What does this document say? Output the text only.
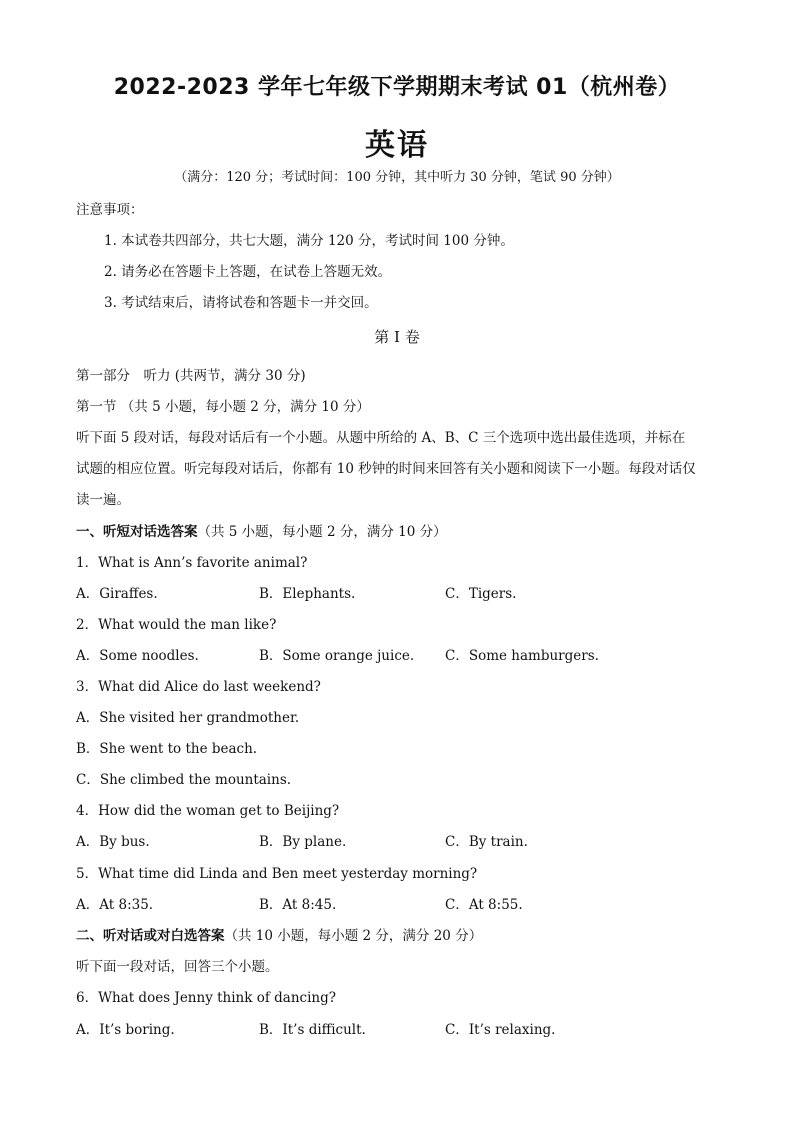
2022-2023 学年七年级下学期期末考试 01（杭州卷）
英语
（满分：120 分；考试时间：100 分钟，其中听力 30 分钟，笔试 90 分钟）
注意事项：
1. 本试卷共四部分，共七大题，满分 120 分，考试时间 100 分钟。
2. 请务必在答题卡上答题，在试卷上答题无效。
3. 考试结束后，请将试卷和答题卡一并交回。
第 I 卷
第一部分　听力 (共两节，满分 30 分)
第一节 （共 5 小题，每小题 2 分，满分 10 分）
听下面 5 段对话，每段对话后有一个小题。从题中所给的 A、B、C 三个选项中选出最佳选项，并标在
试题的相应位置。听完每段对话后，你都有 10 秒钟的时间来回答有关小题和阅读下一小题。每段对话仅
读一遍。
一、听短对话选答案（共 5 小题，每小题 2 分，满分 10 分）
1．What is Ann’s favorite animal?
A．Giraffes.	B．Elephants.	C．Tigers.
2．What would the man like?
A．Some noodles.	B．Some orange juice. C．Some hamburgers.
3．What did Alice do last weekend?
A．She visited her grandmother.
B．She went to the beach.
C．She climbed the mountains.
4．How did the woman get to Beijing?
A．By bus.	B．By plane.	C．By train.
5．What time did Linda and Ben meet yesterday morning?
A．At 8:35.	B．At 8:45.	C．At 8:55.
二、听对话或对白选答案（共 10 小题，每小题 2 分，满分 20 分）
听下面一段对话，回答三个小题。
6．What does Jenny think of dancing?
A．It’s boring.	B．It’s difficult.	C．It’s relaxing.
